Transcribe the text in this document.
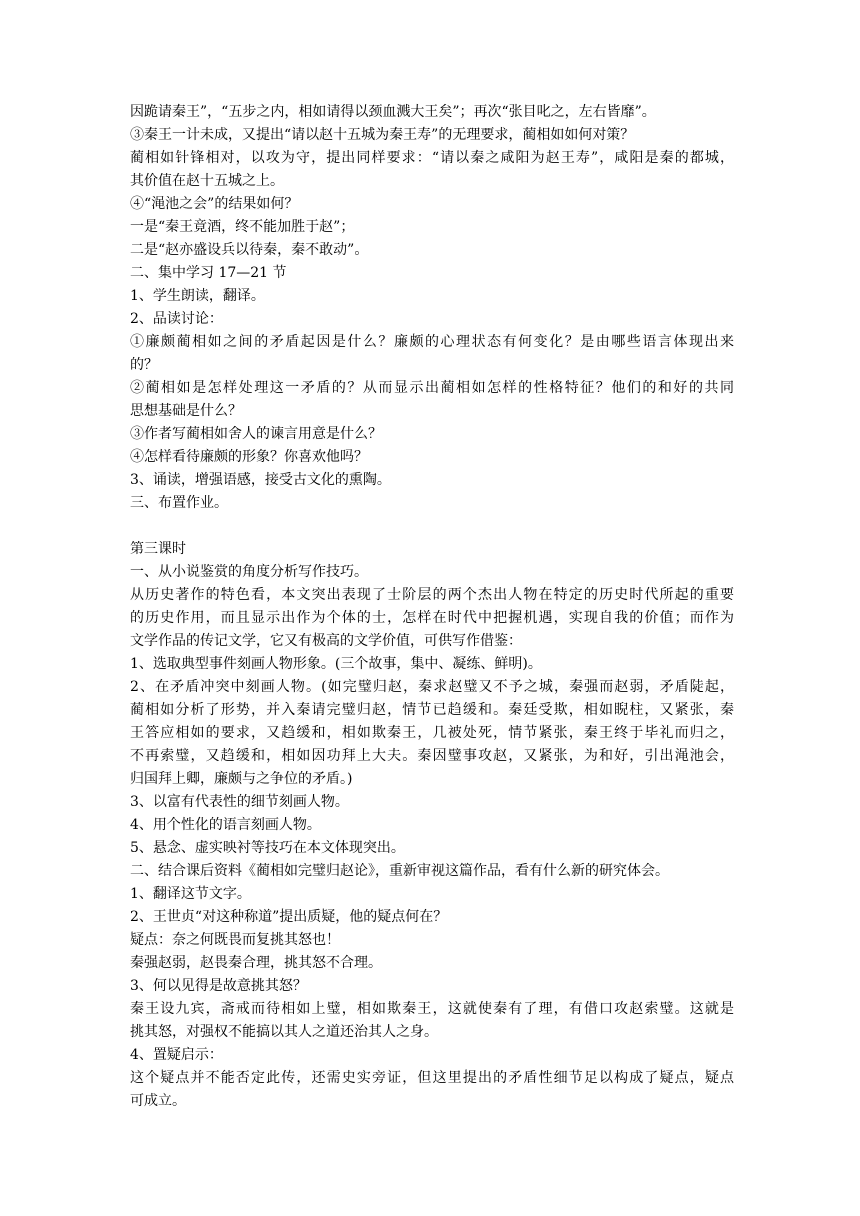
因跪请秦王”，“五步之内，相如请得以颈血溅大王矣”；再次“张目叱之，左右皆靡”。

③秦王一计未成，又提出“请以赵十五城为秦王寿”的无理要求，蔺相如如何对策？

蔺相如针锋相对，以攻为守，提出同样要求：“请以秦之咸阳为赵王寿”，咸阳是秦的都城，

其价值在赵十五城之上。

④“渑池之会”的结果如何？

一是“秦王竟酒，终不能加胜于赵”；

二是“赵亦盛设兵以待秦，秦不敢动”。

二、集中学习 17—21 节

1、学生朗读，翻译。

2、品读讨论：

①廉颇蔺相如之间的矛盾起因是什么？廉颇的心理状态有何变化？是由哪些语言体现出来

的？

②蔺相如是怎样处理这一矛盾的？从而显示出蔺相如怎样的性格特征？他们的和好的共同

思想基础是什么？

③作者写蔺相如舍人的谏言用意是什么？

④怎样看待廉颇的形象？你喜欢他吗？

3、诵读，增强语感，接受古文化的熏陶。

三、布置作业。

第三课时

一、从小说鉴赏的角度分析写作技巧。

从历史著作的特色看，本文突出表现了士阶层的两个杰出人物在特定的历史时代所起的重要

的历史作用，而且显示出作为个体的士，怎样在时代中把握机遇，实现自我的价值；而作为

文学作品的传记文学，它又有极高的文学价值，可供写作借鉴：

1、选取典型事件刻画人物形象。(三个故事，集中、凝练、鲜明)。

2、在矛盾冲突中刻画人物。(如完璧归赵，秦求赵璧又不予之城，秦强而赵弱，矛盾陡起，

蔺相如分析了形势，并入秦请完璧归赵，情节已趋缓和。秦廷受欺，相如睨柱，又紧张，秦

王答应相如的要求，又趋缓和，相如欺秦王，几被处死，情节紧张，秦王终于毕礼而归之，

不再索璧，又趋缓和，相如因功拜上大夫。秦因璧事攻赵，又紧张，为和好，引出渑池会，

归国拜上卿，廉颇与之争位的矛盾。)

3、以富有代表性的细节刻画人物。

4、用个性化的语言刻画人物。

5、悬念、虚实映衬等技巧在本文体现突出。

二、结合课后资料《蔺相如完璧归赵论》，重新审视这篇作品，看有什么新的研究体会。

1、翻译这节文字。

2、王世贞“对这种称道”提出质疑，他的疑点何在？

疑点：奈之何既畏而复挑其怒也！

秦强赵弱，赵畏秦合理，挑其怒不合理。

3、何以见得是故意挑其怒？

秦王设九宾，斋戒而待相如上璧，相如欺秦王，这就使秦有了理，有借口攻赵索璧。这就是

挑其怒，对强权不能搞以其人之道还治其人之身。

4、置疑启示：

这个疑点并不能否定此传，还需史实旁证，但这里提出的矛盾性细节足以构成了疑点，疑点

可成立。
